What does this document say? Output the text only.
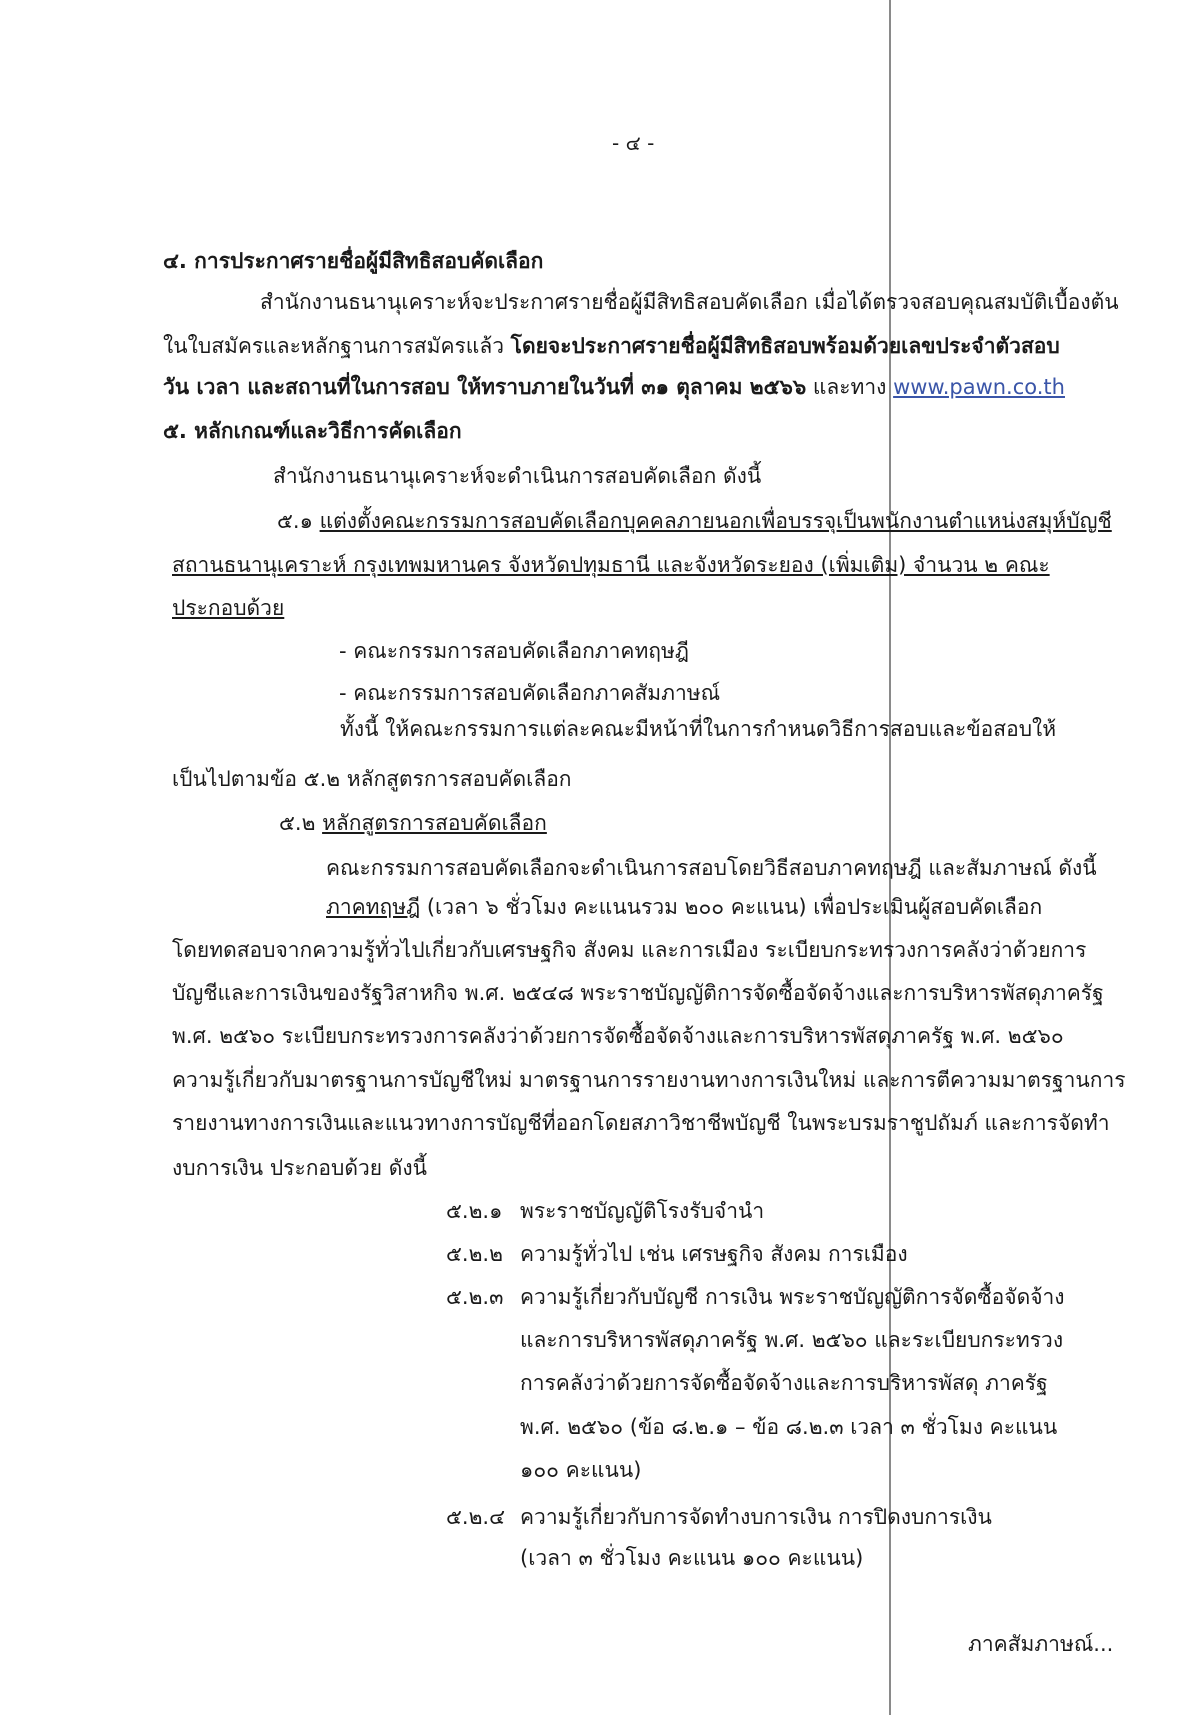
- ๔ -
๔. การประกาศรายชื่อผู้มีสิทธิสอบคัดเลือก
สำนักงานธนานุเคราะห์จะประกาศรายชื่อผู้มีสิทธิสอบคัดเลือก เมื่อได้ตรวจสอบคุณสมบัติเบื้องต้น
ในใบสมัครและหลักฐานการสมัครแล้ว โดยจะประกาศรายชื่อผู้มีสิทธิสอบพร้อมด้วยเลขประจำตัวสอบ
วัน เวลา และสถานที่ในการสอบ ให้ทราบภายในวันที่ ๓๑ ตุลาคม ๒๕๖๖ และทาง www.pawn.co.th
๕. หลักเกณฑ์และวิธีการคัดเลือก
สำนักงานธนานุเคราะห์จะดำเนินการสอบคัดเลือก ดังนี้
๕.๑ แต่งตั้งคณะกรรมการสอบคัดเลือกบุคคลภายนอกเพื่อบรรจุเป็นพนักงานตำแหน่งสมุห์บัญชี
สถานธนานุเคราะห์ กรุงเทพมหานคร จังหวัดปทุมธานี และจังหวัดระยอง (เพิ่มเติม) จำนวน ๒ คณะ
ประกอบด้วย
- คณะกรรมการสอบคัดเลือกภาคทฤษฎี
- คณะกรรมการสอบคัดเลือกภาคสัมภาษณ์
ทั้งนี้ ให้คณะกรรมการแต่ละคณะมีหน้าที่ในการกำหนดวิธีการสอบและข้อสอบให้
เป็นไปตามข้อ ๕.๒ หลักสูตรการสอบคัดเลือก
๕.๒ หลักสูตรการสอบคัดเลือก
คณะกรรมการสอบคัดเลือกจะดำเนินการสอบโดยวิธีสอบภาคทฤษฎี และสัมภาษณ์ ดังนี้
ภาคทฤษฎี (เวลา ๖ ชั่วโมง คะแนนรวม ๒๐๐ คะแนน) เพื่อประเมินผู้สอบคัดเลือก
โดยทดสอบจากความรู้ทั่วไปเกี่ยวกับเศรษฐกิจ สังคม และการเมือง ระเบียบกระทรวงการคลังว่าด้วยการ
บัญชีและการเงินของรัฐวิสาหกิจ พ.ศ. ๒๕๔๘ พระราชบัญญัติการจัดซื้อจัดจ้างและการบริหารพัสดุภาครัฐ
พ.ศ. ๒๕๖๐ ระเบียบกระทรวงการคลังว่าด้วยการจัดซื้อจัดจ้างและการบริหารพัสดุภาครัฐ พ.ศ. ๒๕๖๐
ความรู้เกี่ยวกับมาตรฐานการบัญชีใหม่ มาตรฐานการรายงานทางการเงินใหม่ และการตีความมาตรฐานการ
รายงานทางการเงินและแนวทางการบัญชีที่ออกโดยสภาวิชาชีพบัญชี ในพระบรมราชูปถัมภ์ และการจัดทำ
งบการเงิน ประกอบด้วย ดังนี้
๕.๒.๑ พระราชบัญญัติโรงรับจำนำ
๕.๒.๒ ความรู้ทั่วไป เช่น เศรษฐกิจ สังคม การเมือง
๕.๒.๓ ความรู้เกี่ยวกับบัญชี การเงิน พระราชบัญญัติการจัดซื้อจัดจ้าง
และการบริหารพัสดุภาครัฐ พ.ศ. ๒๕๖๐ และระเบียบกระทรวง
การคลังว่าด้วยการจัดซื้อจัดจ้างและการบริหารพัสดุ ภาครัฐ
พ.ศ. ๒๕๖๐ (ข้อ ๘.๒.๑ – ข้อ ๘.๒.๓ เวลา ๓ ชั่วโมง คะแนน
๑๐๐ คะแนน)
๕.๒.๔ ความรู้เกี่ยวกับการจัดทำงบการเงิน การปิดงบการเงิน
(เวลา ๓ ชั่วโมง คะแนน ๑๐๐ คะแนน)
ภาคสัมภาษณ์...
